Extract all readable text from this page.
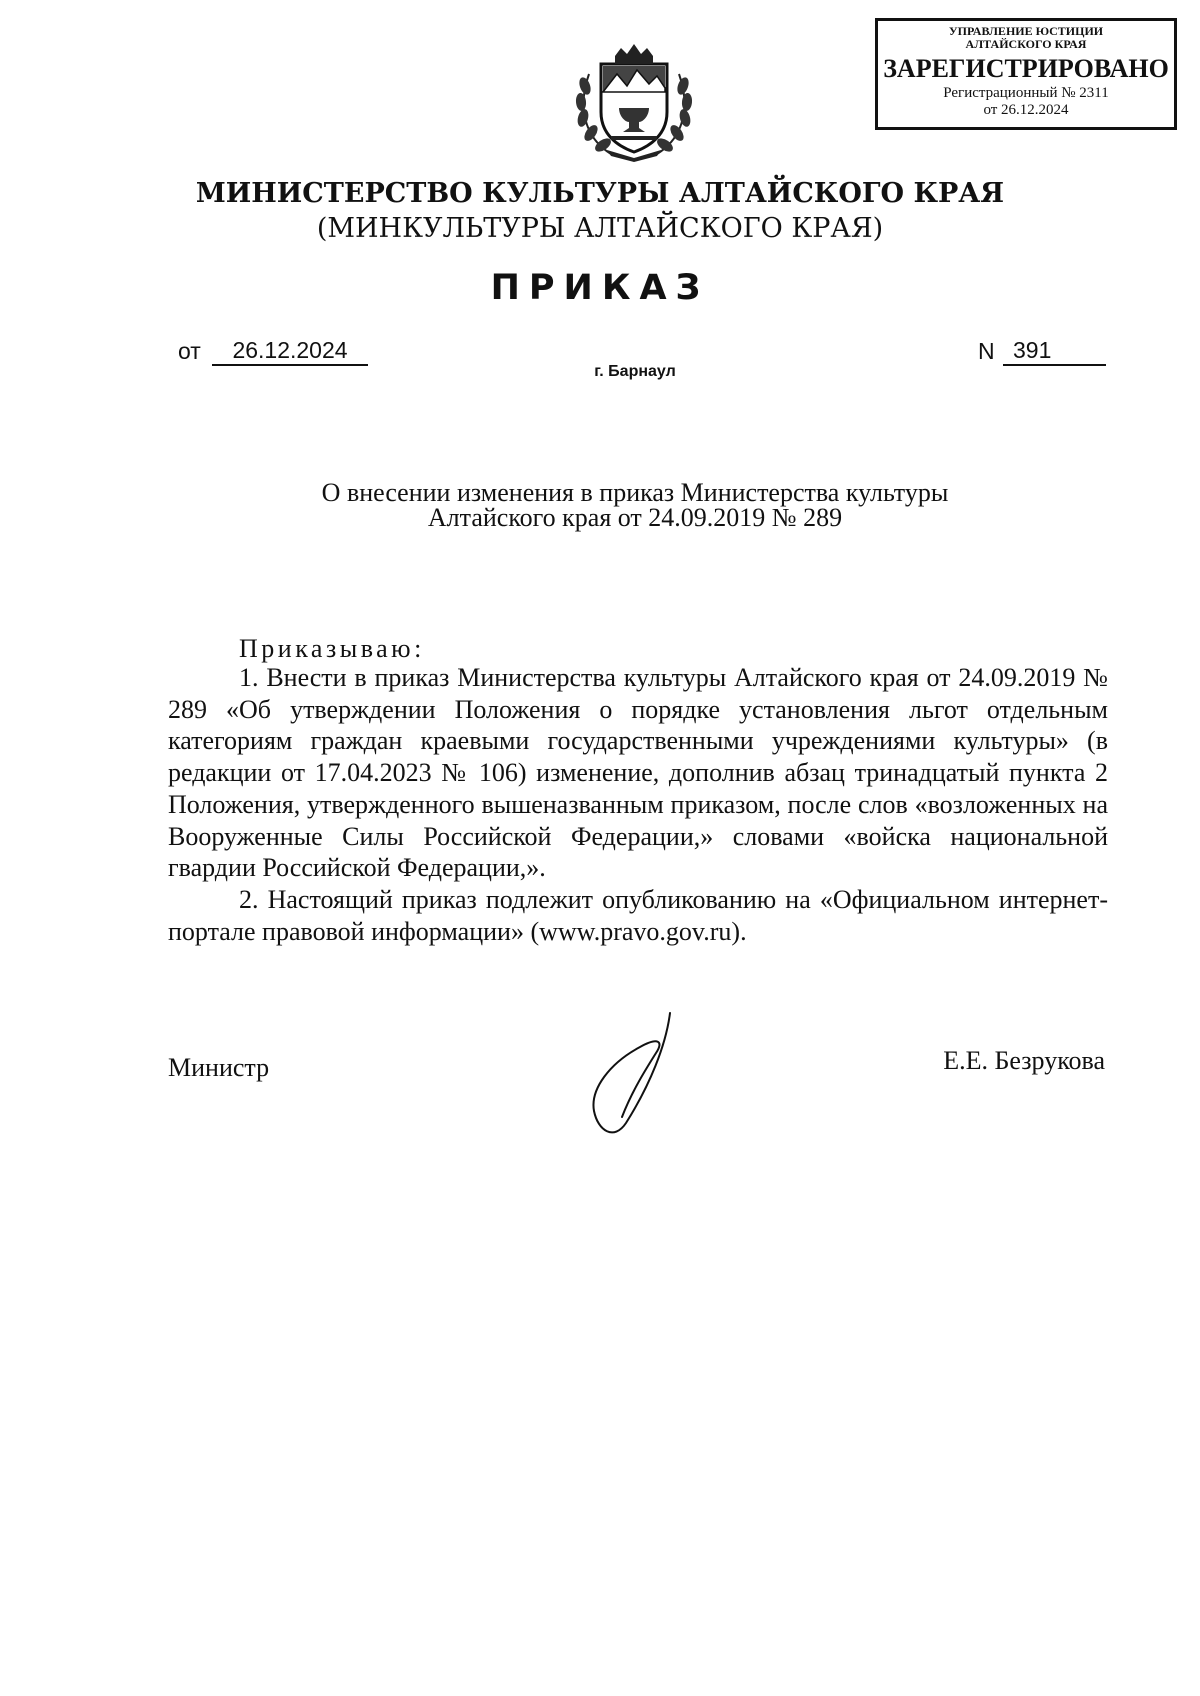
УПРАВЛЕНИЕ ЮСТИЦИИ
АЛТАЙСКОГО КРАЯ
ЗАРЕГИСТРИРОВАНО
Регистрационный № 2311
от 26.12.2024
МИНИСТЕРСТВО КУЛЬТУРЫ АЛТАЙСКОГО КРАЯ
(МИНКУЛЬТУРЫ АЛТАЙСКОГО КРАЯ)
ПРИКАЗ
от	26.12.2024	N 391
г. Барнаул
О внесении изменения в приказ Министерства культуры
Алтайского края от 24.09.2019 № 289
Приказываю:

1. Внести в приказ Министерства культуры Алтайского края от 24.09.2019 № 289 «Об утверждении Положения о порядке установления льгот отдельным категориям граждан краевыми государственными учреждениями культуры» (в редакции от 17.04.2023 № 106) изменение, дополнив абзац тринадцатый пункта 2 Положения, утвержденного вышеназванным приказом, после слов «возложенных на Вооруженные Силы Российской Федерации,» словами «войска национальной гвардии Российской Федерации,».

2. Настоящий приказ подлежит опубликованию на «Официальном интернет-портале правовой информации» (www.pravo.gov.ru).

Министр	Е.Е. Безрукова
